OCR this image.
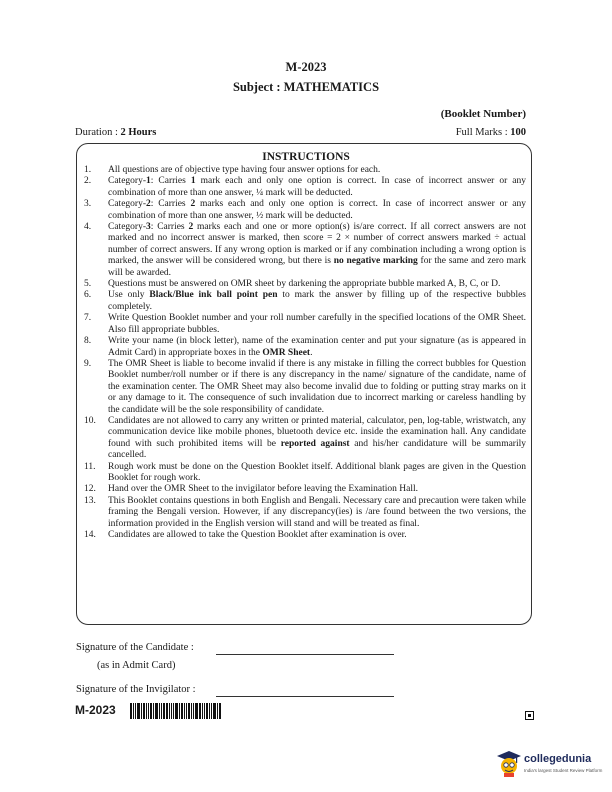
M-2023
Subject : MATHEMATICS
(Booklet Number)
Duration : 2 Hours	Full Marks : 100
INSTRUCTIONS
1.	All questions are of objective type having four answer options for each.
2.	Category-1: Carries 1 mark each and only one option is correct. In case of incorrect answer or any combination of more than one answer, ¼ mark will be deducted.
3.	Category-2: Carries 2 marks each and only one option is correct. In case of incorrect answer or any combination of more than one answer, ½ mark will be deducted.
4.	Category-3: Carries 2 marks each and one or more option(s) is/are correct. If all correct answers are not marked and no incorrect answer is marked, then score = 2 × number of correct answers marked ÷ actual number of correct answers. If any wrong option is marked or if any combination including a wrong option is marked, the answer will be considered wrong, but there is no negative marking for the same and zero mark will be awarded.
5.	Questions must be answered on OMR sheet by darkening the appropriate bubble marked A, B, C, or D.
6.	Use only Black/Blue ink ball point pen to mark the answer by filling up of the respective bubbles completely.
7.	Write Question Booklet number and your roll number carefully in the specified locations of the OMR Sheet. Also fill appropriate bubbles.
8.	Write your name (in block letter), name of the examination center and put your signature (as is appeared in Admit Card) in appropriate boxes in the OMR Sheet.
9.	The OMR Sheet is liable to become invalid if there is any mistake in filling the correct bubbles for Question Booklet number/roll number or if there is any discrepancy in the name/ signature of the candidate, name of the examination center. The OMR Sheet may also become invalid due to folding or putting stray marks on it or any damage to it. The consequence of such invalidation due to incorrect marking or careless handling by the candidate will be the sole responsibility of candidate.
10.	Candidates are not allowed to carry any written or printed material, calculator, pen, log-table, wristwatch, any communication device like mobile phones, bluetooth device etc. inside the examination hall. Any candidate found with such prohibited items will be reported against and his/her candidature will be summarily cancelled.
11.	Rough work must be done on the Question Booklet itself. Additional blank pages are given in the Question Booklet for rough work.
12.	Hand over the OMR Sheet to the invigilator before leaving the Examination Hall.
13.	This Booklet contains questions in both English and Bengali. Necessary care and precaution were taken while framing the Bengali version. However, if any discrepancy(ies) is /are found between the two versions, the information provided in the English version will stand and will be treated as final.
14.	Candidates are allowed to take the Question Booklet after examination is over.
Signature of the Candidate :
(as in Admit Card)
Signature of the Invigilator :
M-2023
collegedunia
India's largest Student Review Platform
